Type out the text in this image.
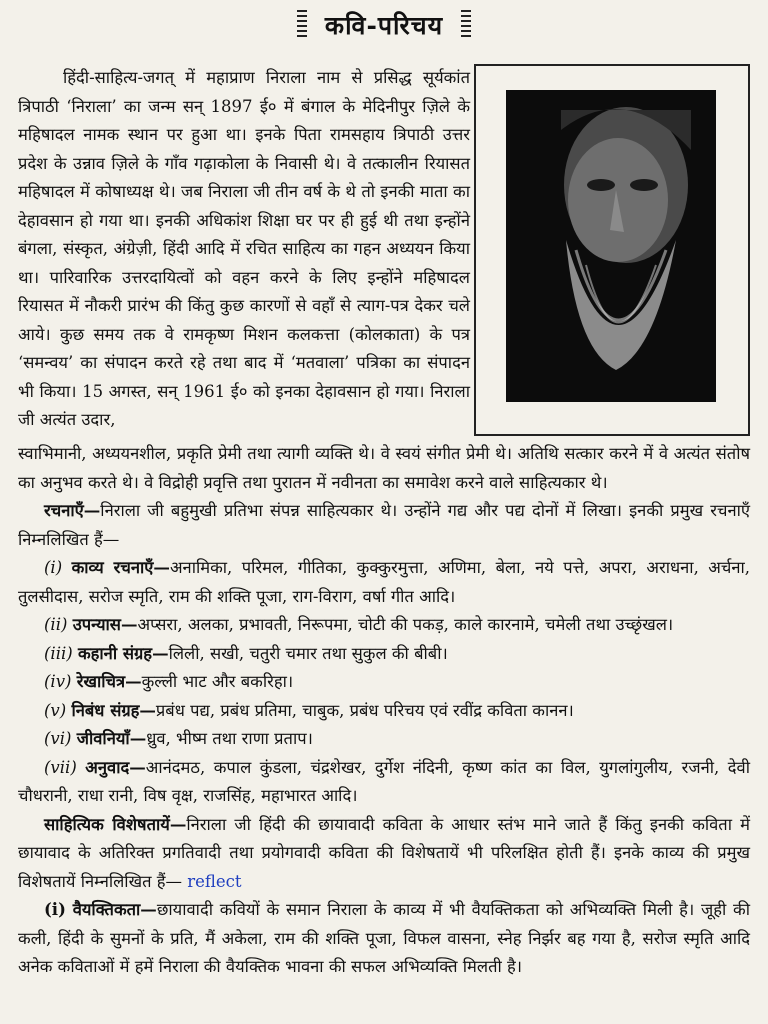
कवि-परिचय
हिंदी-साहित्य-जगत् में महाप्राण निराला नाम से प्रसिद्ध सूर्यकांत त्रिपाठी ‘निराला’ का जन्म सन् 1897 ई० में बंगाल के मेदिनीपुर ज़िले के महिषादल नामक स्थान पर हुआ था। इनके पिता रामसहाय त्रिपाठी उत्तर प्रदेश के उन्नाव ज़िले के गाँव गढ़ाकोला के निवासी थे। वे तत्कालीन रियासत महिषादल में कोषाध्यक्ष थे। जब निराला जी तीन वर्ष के थे तो इनकी माता का देहावसान हो गया था। इनकी अधिकांश शिक्षा घर पर ही हुई थी तथा इन्होंने बंगला, संस्कृत, अंग्रेज़ी, हिंदी आदि में रचित साहित्य का गहन अध्ययन किया था। पारिवारिक उत्तरदायित्वों को वहन करने के लिए इन्होंने महिषादल रियासत में नौकरी प्रारंभ की किंतु कुछ कारणों से वहाँ से त्याग-पत्र देकर चले आये। कुछ समय तक वे रामकृष्ण मिशन कलकत्ता (कोलकाता) के पत्र ‘समन्वय’ का संपादन करते रहे तथा बाद में ‘मतवाला’ पत्रिका का संपादन भी किया। 15 अगस्त, सन् 1961 ई० को इनका देहावसान हो गया। निराला जी अत्यंत उदार,

स्वाभिमानी, अध्ययनशील, प्रकृति प्रेमी तथा त्यागी व्यक्ति थे। वे स्वयं संगीत प्रेमी थे। अतिथि सत्कार करने में वे अत्यंत संतोष का अनुभव करते थे। वे विद्रोही प्रवृत्ति तथा पुरातन में नवीनता का समावेश करने वाले साहित्यकार थे।

रचनाएँ—निराला जी बहुमुखी प्रतिभा संपन्न साहित्यकार थे। उन्होंने गद्य और पद्य दोनों में लिखा। इनकी प्रमुख रचनाएँ निम्नलिखित हैं—

(i) काव्य रचनाएँ—अनामिका, परिमल, गीतिका, कुक्कुरमुत्ता, अणिमा, बेला, नये पत्ते, अपरा, अराधना, अर्चना, तुलसीदास, सरोज स्मृति, राम की शक्ति पूजा, राग-विराग, वर्षा गीत आदि।

(ii) उपन्यास—अप्सरा, अलका, प्रभावती, निरूपमा, चोटी की पकड़, काले कारनामे, चमेली तथा उच्छृंखल।

(iii) कहानी संग्रह—लिली, सखी, चतुरी चमार तथा सुकुल की बीबी।

(iv) रेखाचित्र—कुल्ली भाट और बकरिहा।

(v) निबंध संग्रह—प्रबंध पद्य, प्रबंध प्रतिमा, चाबुक, प्रबंध परिचय एवं रवींद्र कविता कानन।

(vi) जीवनियाँ—ध्रुव, भीष्म तथा राणा प्रताप।

(vii) अनुवाद—आनंदमठ, कपाल कुंडला, चंद्रशेखर, दुर्गेश नंदिनी, कृष्ण कांत का विल, युगलांगुलीय, रजनी, देवी चौधरानी, राधा रानी, विष वृक्ष, राजसिंह, महाभारत आदि।

साहित्यिक विशेषतायें—निराला जी हिंदी की छायावादी कविता के आधार स्तंभ माने जाते हैं किंतु इनकी कविता में छायावाद के अतिरिक्त प्रगतिवादी तथा प्रयोगवादी कविता की विशेषतायें भी परिलक्षित होती हैं। इनके काव्य की प्रमुख विशेषतायें निम्नलिखित हैं— reflect

(i) वैयक्तिकता—छायावादी कवियों के समान निराला के काव्य में भी वैयक्तिकता को अभिव्यक्ति मिली है। जूही की कली, हिंदी के सुमनों के प्रति, मैं अकेला, राम की शक्ति पूजा, विफल वासना, स्नेह निर्झर बह गया है, सरोज स्मृति आदि अनेक कविताओं में हमें निराला की वैयक्तिक भावना की सफल अभिव्यक्ति मिलती है।
